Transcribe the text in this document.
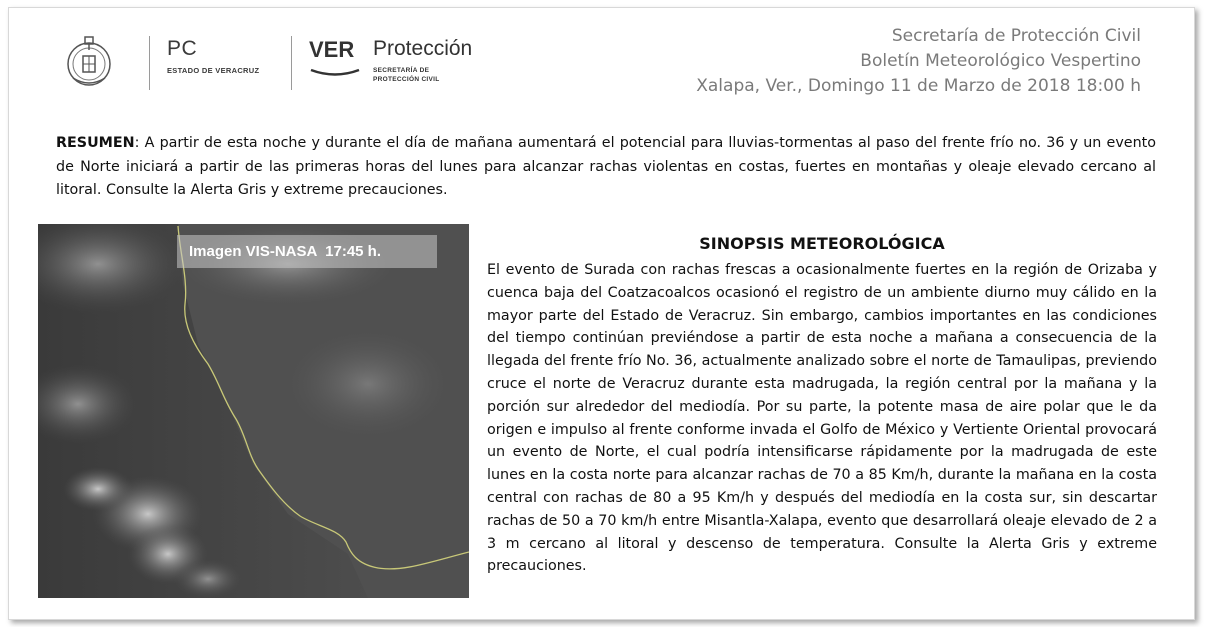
PC
ESTADO DE VERACRUZ
VER Protección
SECRETARÍA DE
PROTECCIÓN CIVIL
Secretaría de Protección Civil
Boletín Meteorológico Vespertino
Xalapa, Ver., Domingo 11 de Marzo de 2018 18:00 h
RESUMEN: A partir de esta noche y durante el día de mañana aumentará el potencial para lluvias-tormentas al paso del frente frío no. 36 y un evento de Norte iniciará a partir de las primeras horas del lunes para alcanzar rachas violentas en costas, fuertes en montañas y oleaje elevado cercano al litoral. Consulte la Alerta Gris y extreme precauciones.
Imagen VIS-NASA  17:45 h.	SINOPSIS METEOROLÓGICA
El evento de Surada con rachas frescas a ocasionalmente fuertes en la región de Orizaba y cuenca baja del Coatzacoalcos ocasionó el registro de un ambiente diurno muy cálido en la mayor parte del Estado de Veracruz. Sin embargo, cambios importantes en las condiciones del tiempo continúan previéndose a partir de esta noche a mañana a consecuencia de la llegada del frente frío No. 36, actualmente analizado sobre el norte de Tamaulipas, previendo cruce el norte de Veracruz durante esta madrugada, la región central por la mañana y la porción sur alrededor del mediodía. Por su parte, la potente masa de aire polar que le da origen e impulso al frente conforme invada el Golfo de México y Vertiente Oriental provocará un evento de Norte, el cual podría intensificarse rápidamente por la madrugada de este lunes en la costa norte para alcanzar rachas de 70 a 85 Km/h, durante la mañana en la costa central con rachas de 80 a 95 Km/h y después del mediodía en la costa sur, sin descartar rachas de 50 a 70 km/h entre Misantla-Xalapa, evento que desarrollará oleaje elevado de 2 a 3 m cercano al litoral y descenso de temperatura. Consulte la Alerta Gris y extreme precauciones.
